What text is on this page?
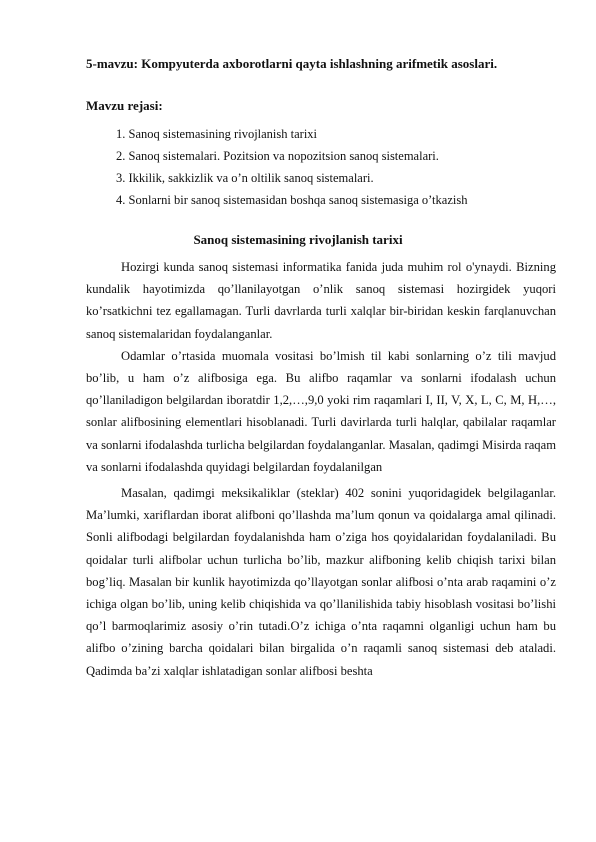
5-mavzu: Kompyuterda axborotlarni qayta ishlashning arifmetik asoslari.
Mavzu rejasi:
1. Sanoq sistemasining rivojlanish tarixi
2. Sanoq sistemalari. Pozitsion va nopozitsion sanoq sistemalari.
3. Ikkilik, sakkizlik va o’n oltilik sanoq sistemalari.
4. Sonlarni bir sanoq sistemasidan boshqa sanoq sistemasiga o’tkazish
Sanoq sistemasining rivojlanish tarixi

Hozirgi kunda sanoq sistemasi informatika fanida juda muhim rol o'ynaydi. Bizning kundalik hayotimizda qo’llanilayotgan o’nlik sanoq sistemasi hozirgidek yuqori ko’rsatkichni tez egallamagan. Turli davrlarda turli xalqlar bir-biridan keskin farqlanuvchan sanoq sistemalaridan foydalanganlar.

Odamlar o’rtasida muomala vositasi bo’lmish til kabi sonlarning o’z tili mavjud bo’lib, u ham o’z alifbosiga ega. Bu alifbo raqamlar va sonlarni ifodalash uchun qo’llaniladigon belgilardan iboratdir 1,2,…,9,0 yoki rim raqamlari I, II, V, X, L, C, M, H,…, sonlar alifbosining elementlari hisoblanadi. Turli davirlarda turli halqlar, qabilalar raqamlar va sonlarni ifodalashda turlicha belgilardan foydalanganlar. Masalan, qadimgi Misirda raqam va sonlarni ifodalashda quyidagi belgilardan foydalanilgan

Masalan, qadimgi meksikaliklar (steklar) 402 sonini yuqoridagidek belgilaganlar. Ma’lumki, xariflardan iborat alifboni qo’llashda ma’lum qonun va qoidalarga amal qilinadi. Sonli alifbodagi belgilardan foydalanishda ham o’ziga hos qoyidalaridan foydalaniladi. Bu qoidalar turli alifbolar uchun turlicha bo’lib, mazkur alifboning kelib chiqish tarixi bilan bog’liq. Masalan bir kunlik hayotimizda qo’llayotgan sonlar alifbosi o’nta arab raqamini o’z ichiga olgan bo’lib, uning kelib chiqishida va qo’llanilishida tabiy hisoblash vositasi bo’lishi qo’l barmoqlarimiz asosiy o’rin tutadi.O’z ichiga o’nta raqamni olganligi uchun ham bu alifbo o’zining barcha qoidalari bilan birgalida o’n raqamli sanoq sistemasi deb ataladi. Qadimda ba’zi xalqlar ishlatadigan sonlar alifbosi beshta
